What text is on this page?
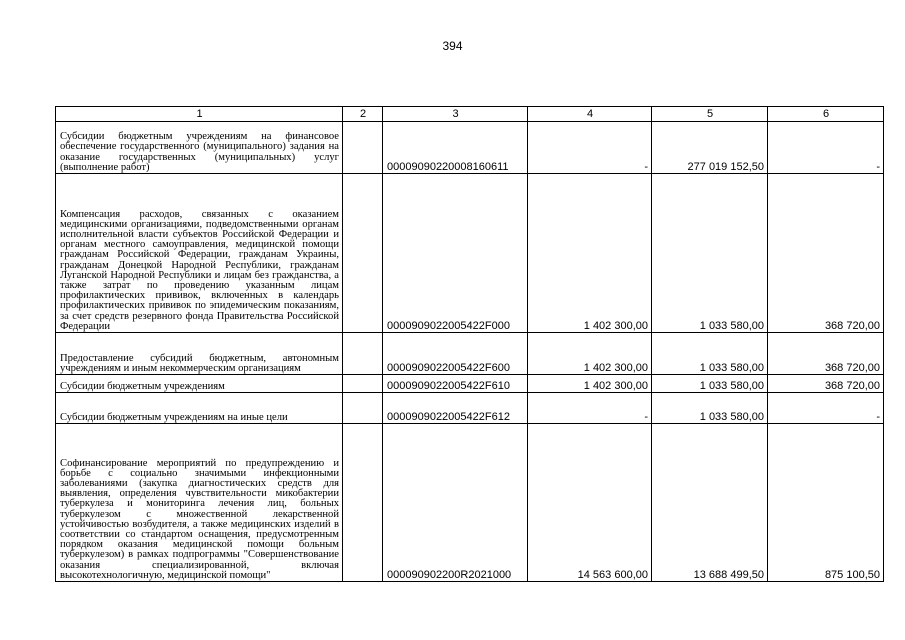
394
1	2	3	4	5	6
Субсидии бюджетным учреждениям на финансовое обеспечение государственного (муниципального) задания на оказание государственных (муниципальных) услуг (выполнение работ)		00009090220008160611	-	277 019 152,50	-
Компенсация расходов, связанных с оказанием медицинскими организациями, подведомственными органам исполнительной власти субъектов Российской Федерации и органам местного самоуправления, медицинской помощи гражданам Российской Федерации, гражданам Украины, гражданам Донецкой Народной Республики, гражданам Луганской Народной Республики и лицам без гражданства, а также затрат по проведению указанным лицам профилактических прививок, включенных в календарь профилактических прививок по эпидемическим показаниям, за счет средств резервного фонда Правительства Российской Федерации		0000909022005422F000	1 402 300,00	1 033 580,00	368 720,00
Предоставление субсидий бюджетным, автономным учреждениям и иным некоммерческим организациям		0000909022005422F600	1 402 300,00	1 033 580,00	368 720,00
Субсидии бюджетным учреждениям		0000909022005422F610	1 402 300,00	1 033 580,00	368 720,00
Субсидии бюджетным учреждениям на иные цели		0000909022005422F612	-	1 033 580,00	-
Софинансирование мероприятий по предупреждению и борьбе с социально значимыми инфекционными заболеваниями (закупка диагностических средств для выявления, определения чувствительности микобактерии туберкулеза и мониторинга лечения лиц, больных туберкулезом с множественной лекарственной устойчивостью возбудителя, а также медицинских изделий в соответствии со стандартом оснащения, предусмотренным порядком оказания медицинской помощи больным туберкулезом) в рамках подпрограммы "Совершенствование оказания специализированной, включая высокотехнологичную, медицинской помощи"		000090902200R2021000	14 563 600,00	13 688 499,50	875 100,50
